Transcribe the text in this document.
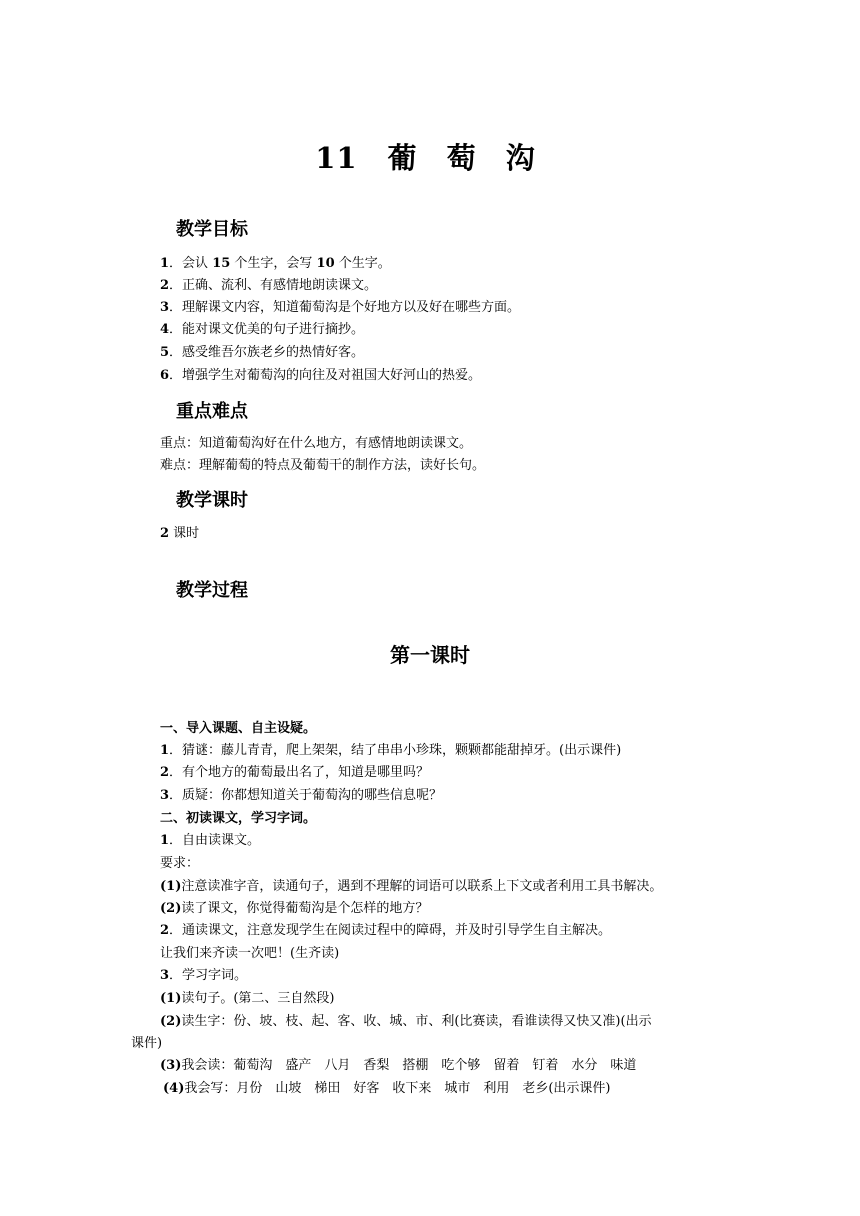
11 葡 萄 沟
教学目标
1．会认 15 个生字，会写 10 个生字。
2．正确、流利、有感情地朗读课文。
3．理解课文内容，知道葡萄沟是个好地方以及好在哪些方面。
4．能对课文优美的句子进行摘抄。
5．感受维吾尔族老乡的热情好客。
6．增强学生对葡萄沟的向往及对祖国大好河山的热爱。
重点难点
重点：知道葡萄沟好在什么地方，有感情地朗读课文。
难点：理解葡萄的特点及葡萄干的制作方法，读好长句。
教学课时
2 课时
教学过程
第一课时
一、导入课题、自主设疑。
1．猜谜：藤儿青青，爬上架架，结了串串小珍珠，颗颗都能甜掉牙。(出示课件)
2．有个地方的葡萄最出名了，知道是哪里吗？
3．质疑：你都想知道关于葡萄沟的哪些信息呢？
二、初读课文，学习字词。
1．自由读课文。
要求：
(1)注意读准字音，读通句子，遇到不理解的词语可以联系上下文或者利用工具书解决。
(2)读了课文，你觉得葡萄沟是个怎样的地方？
2．通读课文，注意发现学生在阅读过程中的障碍，并及时引导学生自主解决。
让我们来齐读一次吧！(生齐读)
3．学习字词。
(1)读句子。(第二、三自然段)
(2)读生字：份、坡、枝、起、客、收、城、市、利(比赛读，看谁读得又快又准)(出示
课件)
(3)我会读：葡萄沟　盛产　八月　香梨　搭棚　吃个够　留着　钉着　水分　味道
(4)我会写：月份　山坡　梯田　好客　收下来　城市　利用　老乡(出示课件)
